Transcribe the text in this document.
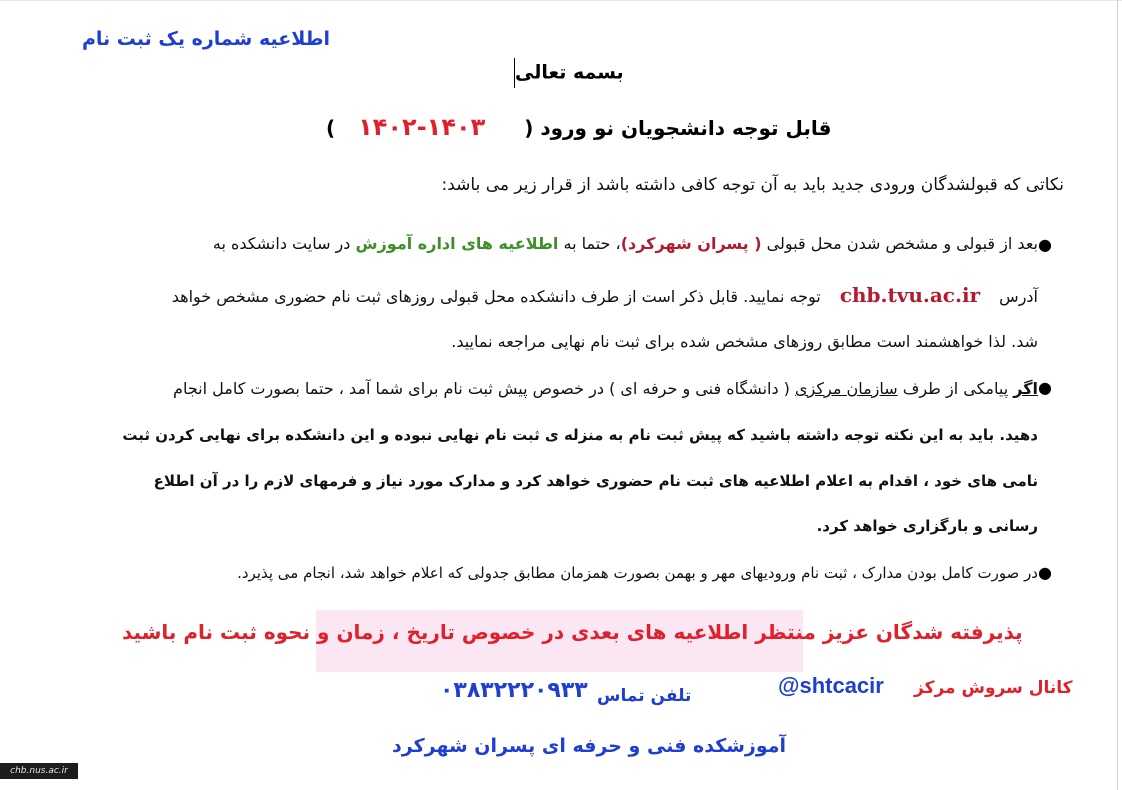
اطلاعیه شماره یک ثبت نام
بسمه تعالی
قابل توجه دانشجویان نو ورود ( ۱۴۰۳-۱۴۰۲ )
نکاتی که قبولشدگان ورودی جدید باید به آن توجه کافی داشته باشد از قرار زیر می باشد:
●
بعد از قبولی و مشخص شدن محل قبولی ( پسران شهرکرد)، حتما به اطلاعیه های اداره آموزش در سایت دانشکده به
آدرس chb.tvu.ac.ir توجه نمایید. قابل ذکر است از طرف دانشکده محل قبولی روزهای ثبت نام حضوری مشخص خواهد
شد. لذا خواهشمند است مطابق روزهای مشخص شده برای ثبت نام نهایی مراجعه نمایید.
●
اگر پیامکی از طرف سازمان مرکزی ( دانشگاه فنی و حرفه ای ) در خصوص پیش ثبت نام برای شما آمد ، حتما بصورت کامل انجام
دهید. باید به این نکته توجه داشته باشید که پیش ثبت نام به منزله ی ثبت نام نهایی نبوده و این دانشکده برای نهایی کردن ثبت
نامی های خود ، اقدام به اعلام اطلاعیه های ثبت نام حضوری خواهد کرد و مدارک مورد نیاز و فرمهای لازم را در آن اطلاع
رسانی و بارگزاری خواهد کرد.
●
در صورت کامل بودن مدارک ، ثبت نام ورودیهای مهر و بهمن بصورت همزمان مطابق جدولی که اعلام خواهد شد، انجام می پذیرد.
پذیرفته شدگان عزیز منتظر اطلاعیه های بعدی در خصوص تاریخ ، زمان و نحوه ثبت نام باشید
کانال سروش مرکز
@shtcacir
تلفن تماس
۰۳۸۳۲۲۲۰۹۳۳
آموزشکده فنی و حرفه ای پسران شهرکرد
chb.nus.ac.ir
